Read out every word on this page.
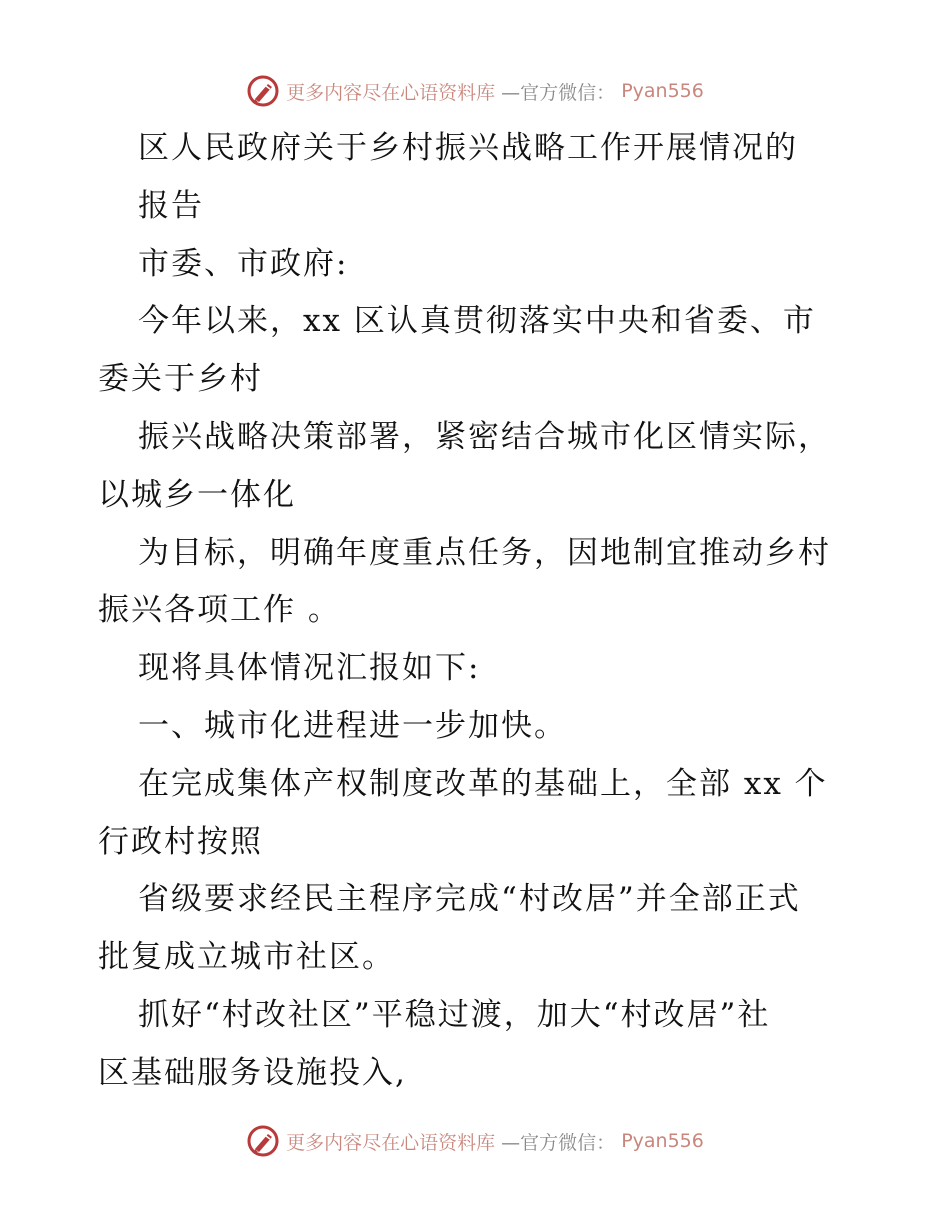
更多内容尽在心语资料库 —官方微信： Pyan556
区人民政府关于乡村振兴战略工作开展情况的
报告
市委、市政府:
今年以来，xx 区认真贯彻落实中央和省委、市
委关于乡村
振兴战略决策部署，紧密结合城市化区情实际，
以城乡一体化
为目标，明确年度重点任务，因地制宜推动乡村
振兴各项工作 。
现将具体情况汇报如下:
一、城市化进程进一步加快。
在完成集体产权制度改革的基础上，全部 xx 个
行政村按照
省级要求经民主程序完成“村改居”并全部正式
批复成立城市社区。
抓好“村改社区”平稳过渡，加大“村改居”社
区基础服务设施投入,
更多内容尽在心语资料库 —官方微信： Pyan556
